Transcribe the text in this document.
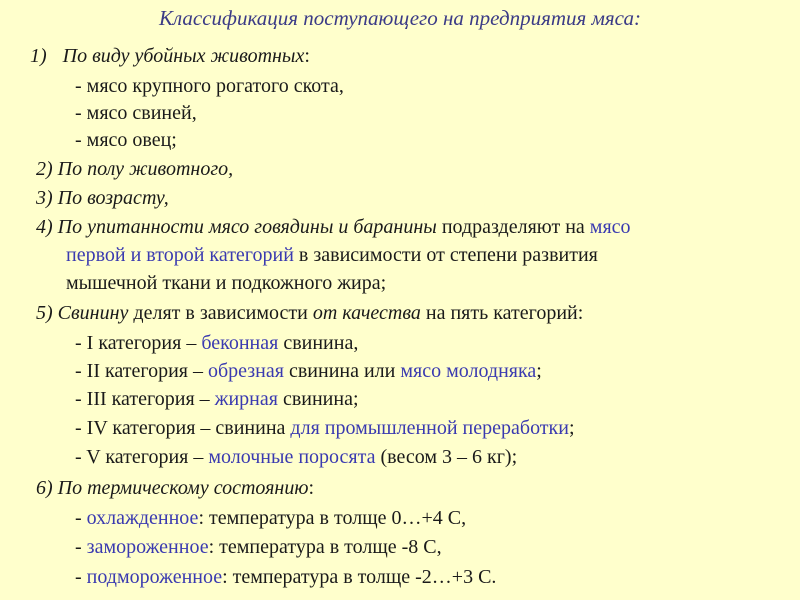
Классификация поступающего на предприятия мяса:
1) По виду убойных животных:
- мясо крупного рогатого скота,
- мясо свиней,
- мясо овец;
2) По полу животного,
3) По возрасту,
4) По упитанности мясо говядины и баранины подразделяют на мясо
первой и второй категорий в зависимости от степени развития
мышечной ткани и подкожного жира;
5) Свинину делят в зависимости от качества на пять категорий:
- I категория – беконная свинина,
- II категория – обрезная свинина или мясо молодняка;
- III категория – жирная свинина;
- IV категория – свинина для промышленной переработки;
- V категория – молочные поросята (весом 3 – 6 кг);
6) По термическому состоянию:
- охлажденное: температура в толще 0…+4 С,
- замороженное: температура в толще -8 С,
- подмороженное: температура в толще -2…+3 С.
